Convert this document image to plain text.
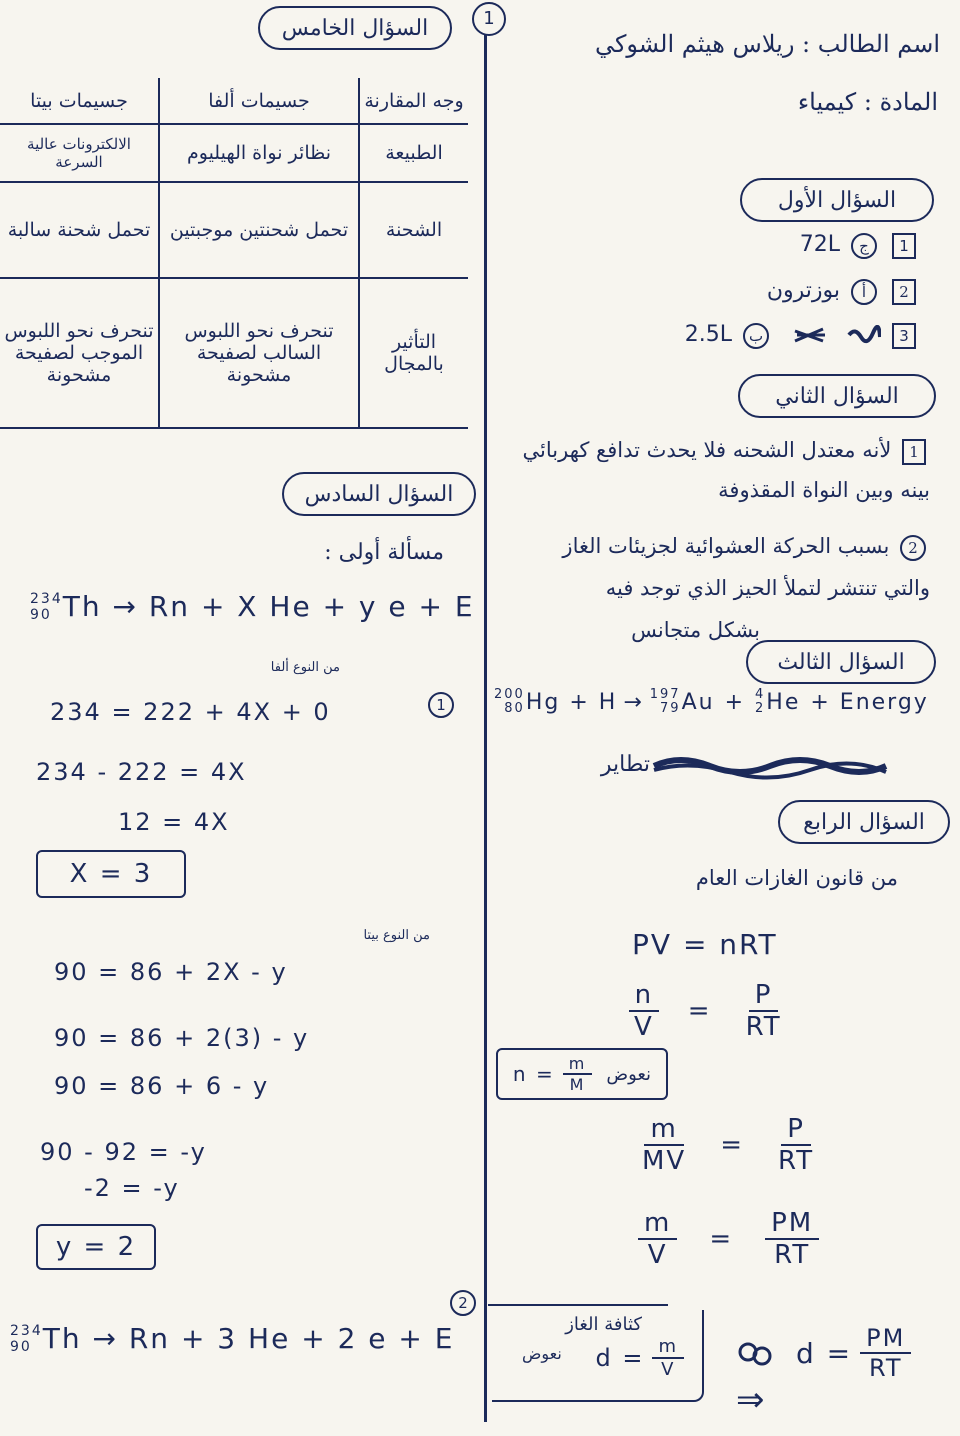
1
اسم الطالب : ريلاس هيثم الشوكي
المادة : كيمياء
السؤال الأول
1 ج 72L
2 أ بوزترون
3   ب 2.5L
السؤال الثاني
1 لأنه معتدل الشحنه فلا يحدث تدافع كهربائي
بينه وبين النواة المقذوفة
2 بسبب الحركة العشوائية لجزيئات الغاز
والتي تنتشر لتملأ الحيز الذي توجد فيه
بشكل متجانس
السؤال الثالث
200
80 Hg + H → 197
79 Au + 4
2 He + Energy
تطاير
السؤال الرابع
من قانون الغازات العام
PV = nRT
$\frac{n}{V} = \frac{P}{RT}$
$n = \frac{m}{M}$ نعوض
$\frac{m}{MV} = \frac{P}{RT}$
$\frac{m}{V} = \frac{PM}{RT}$
كثافة الغاز
نعوض $d = \frac{m}{V}$	$d = \frac{PM}{RT}$
⇒
السؤال الخامس
وجه المقارنة	جسيمات ألفا	جسيمات بيتا
الطبيعة	نظائر نواة الهيليوم	الالكترونات عالية السرعة
الشحنة	تحمل شحنتين موجبتين	تحمل شحنة سالبة
التأثير بالمجال	تنحرف نحو اللبوس السالب لصفيحة مشحونة	تنحرف نحو اللبوس الموجب لصفيحة مشحونة
السؤال السادس
مسألة أولى :
234
90 Th → Rn + X He + y e + E
من النوع ألفا
1
234 = 222 + 4X + 0
234 - 222 = 4X
12 = 4X
X = 3
من النوع بيتا
90 = 86 + 2X - y
90 = 86 + 2(3) - y
90 = 86 + 6 - y
90 - 92 = -y
-2 = -y
y = 2
2
234
90 Th → Rn + 3 He + 2 e + E
